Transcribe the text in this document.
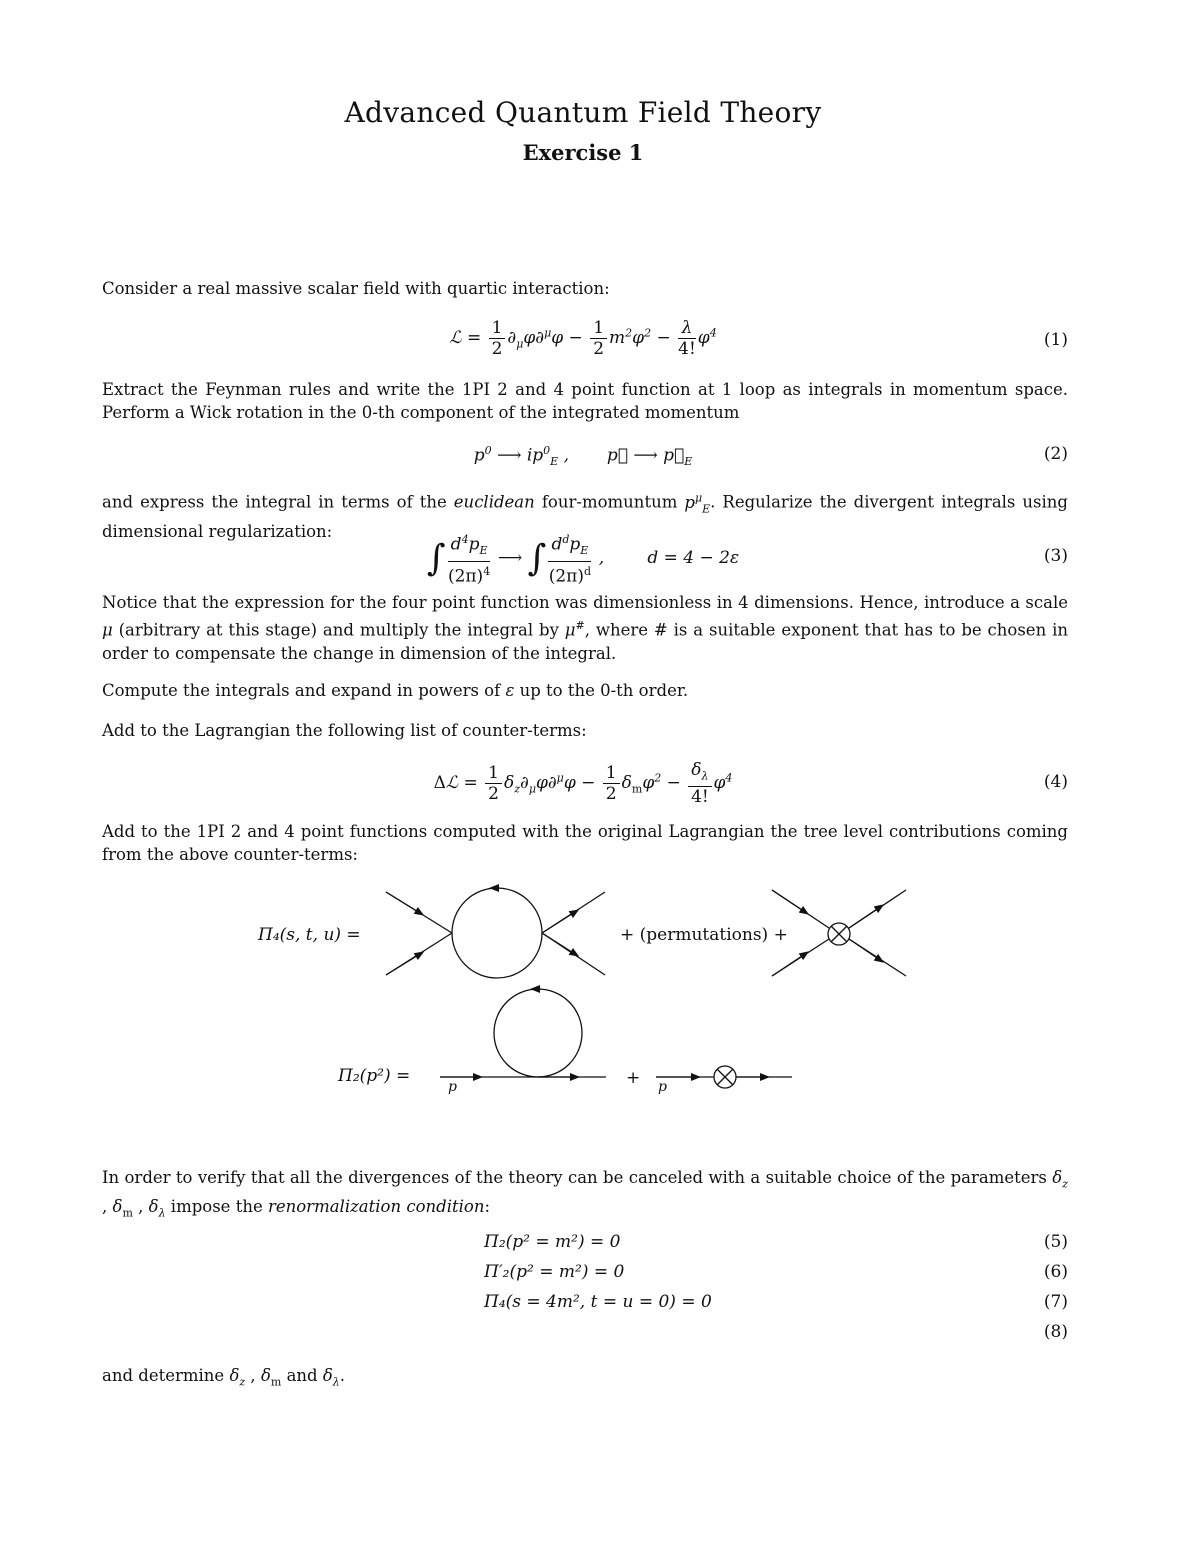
Advanced Quantum Field Theory
Exercise 1
Consider a real massive scalar field with quartic interaction:
ℒ = $\frac{1}{2} \partial_\mu\varphi\partial^\mu\varphi - \frac{1}{2} m^2\varphi^2 - \frac{\lambda}{4!} \varphi^4$	(1)
Extract the Feynman rules and write the 1PI 2 and 4 point function at 1 loop as integrals in momentum space. Perform a Wick rotation in the 0-th component of the integrated momentum
$p^0$ ⟶ $ip^0_E$ ,       p⃗ ⟶ $p⃗_E$	(2)
and express the integral in terms of the euclidean four-momuntum $p^\mu_E$. Regularize the divergent integrals using dimensional regularization:
∫ $\frac{d^4p_E}{(2\pi)^4}$ ⟶ ∫ $\frac{d^dp_E}{(2\pi)^d}$ ,        d = 4 − 2ε	(3)
Notice that the expression for the four point function was dimensionless in 4 dimensions. Hence, introduce a scale μ (arbitrary at this stage) and multiply the integral by μ#, where # is a suitable exponent that has to be chosen in order to compensate the change in dimension of the integral.
Compute the integrals and expand in powers of ε up to the 0-th order.
Add to the Lagrangian the following list of counter-terms:
Δℒ = $\frac{1}{2} \delta_z\partial_\mu\varphi\partial^\mu\varphi - \frac{1}{2} \delta_m\varphi^2 - \frac{\delta_\lambda}{4!} \varphi^4$	(4)
Add to the 1PI 2 and 4 point functions computed with the original Lagrangian the tree level contributions coming from the above counter-terms:
Π₄(s, t, u) =	+ (permutations) +
Π₂(p²) =
p	+ p
In order to verify that all the divergences of the theory can be canceled with a suitable choice of the parameters $\delta_z$ , $\delta_m$ , $\delta_\lambda$ impose the renormalization condition:
Π₂(p² = m²) = 0	(5)
Π′₂(p² = m²) = 0	(6)
Π₄(s = 4m², t = u = 0) = 0	(7)
(8)
and determine $\delta_z$ , $\delta_m$ and $\delta_\lambda$.
